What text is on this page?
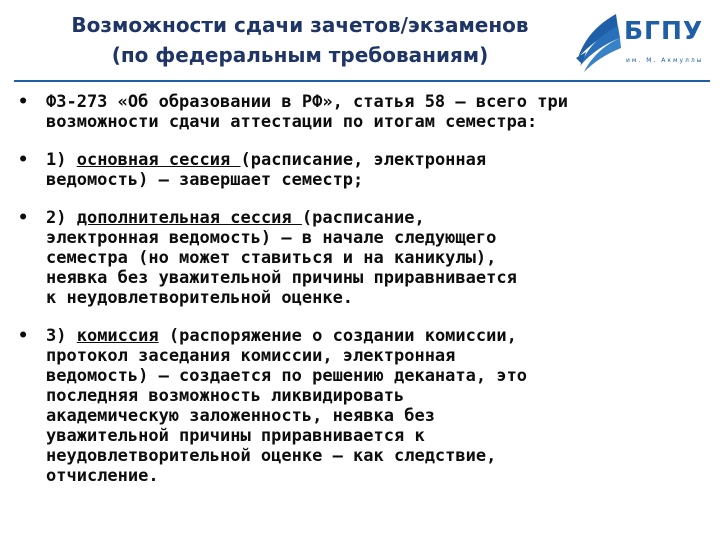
Возможности сдачи зачетов/экзаменов
(по федеральным требованиям)
БГПУ
им. М. Акмуллы
• ФЗ-273 «Об образовании в РФ», статья 58 – всего три
возможности сдачи аттестации по итогам семестра:
• 1) основная сессия (расписание, электронная
ведомость) – завершает семестр;
• 2) дополнительная сессия (расписание,
электронная ведомость) – в начале следующего
семестра (но может ставиться и на каникулы),
неявка без уважительной причины приравнивается
к неудовлетворительной оценке.
• 3) комиссия (распоряжение о создании комиссии,
протокол заседания комиссии, электронная
ведомость) – создается по решению деканата, это
последняя возможность ликвидировать
академическую заложенность, неявка без
уважительной причины приравнивается к
неудовлетворительной оценке – как следствие,
отчисление.
